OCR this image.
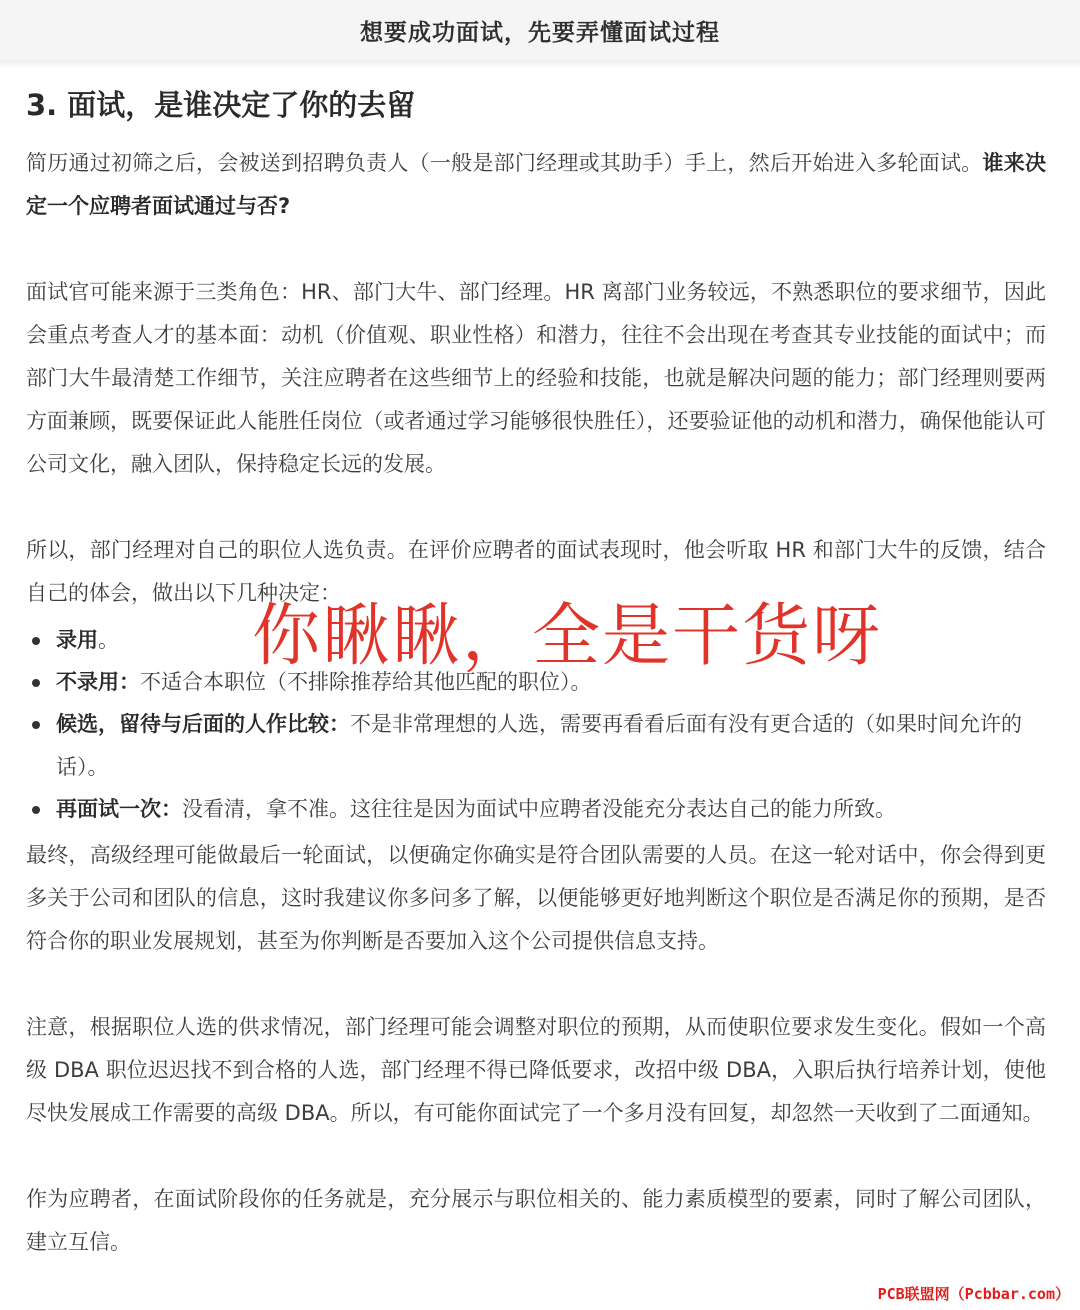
想要成功面试，先要弄懂面试过程
3. 面试，是谁决定了你的去留

简历通过初筛之后，会被送到招聘负责人（一般是部门经理或其助手）手上，然后开始进入多轮面试。谁来决定一个应聘者面试通过与否?

面试官可能来源于三类角色：HR、部门大牛、部门经理。HR 离部门业务较远，不熟悉职位的要求细节，因此会重点考查人才的基本面：动机（价值观、职业性格）和潜力，往往不会出现在考查其专业技能的面试中；而部门大牛最清楚工作细节，关注应聘者在这些细节上的经验和技能，也就是解决问题的能力；部门经理则要两方面兼顾，既要保证此人能胜任岗位（或者通过学习能够很快胜任），还要验证他的动机和潜力，确保他能认可公司文化，融入团队，保持稳定长远的发展。

所以，部门经理对自己的职位人选负责。在评价应聘者的面试表现时，他会听取 HR 和部门大牛的反馈，结合自己的体会，做出以下几种决定：

录用。
不录用：不适合本职位（不排除推荐给其他匹配的职位）。
候选，留待与后面的人作比较：不是非常理想的人选，需要再看看后面有没有更合适的（如果时间允许的话）。
再面试一次：没看清，拿不准。这往往是因为面试中应聘者没能充分表达自己的能力所致。

最终，高级经理可能做最后一轮面试，以便确定你确实是符合团队需要的人员。在这一轮对话中，你会得到更多关于公司和团队的信息，这时我建议你多问多了解，以便能够更好地判断这个职位是否满足你的预期，是否符合你的职业发展规划，甚至为你判断是否要加入这个公司提供信息支持。

注意，根据职位人选的供求情况，部门经理可能会调整对职位的预期，从而使职位要求发生变化。假如一个高级 DBA 职位迟迟找不到合格的人选，部门经理不得已降低要求，改招中级 DBA，入职后执行培养计划，使他尽快发展成工作需要的高级 DBA。所以，有可能你面试完了一个多月没有回复，却忽然一天收到了二面通知。

作为应聘者，在面试阶段你的任务就是，充分展示与职位相关的、能力素质模型的要素，同时了解公司团队，建立互信。

你瞅瞅，全是干货呀
PCB联盟网（Pcbbar.com）
